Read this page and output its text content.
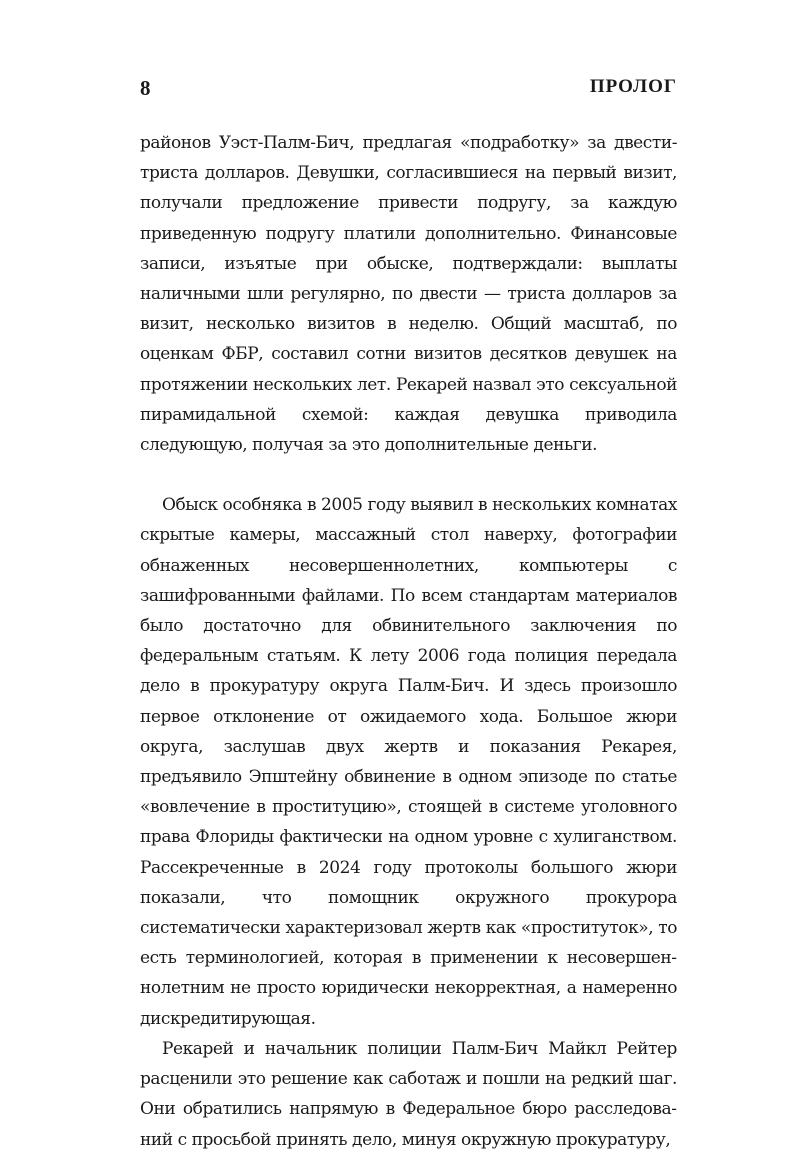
8	ПРОЛОГ

районов Уэст-Палм-Бич, предлагая «подработку» за двести-триста долларов. Девушки, согласившиеся на первый визит, получали предложение привести подругу, за каждую приведенную подругу платили дополнительно. Финансовые записи, изъятые при обыске, подтверждали: выплаты наличными шли регулярно, по двести — триста долларов за визит, несколько визитов в неделю. Общий масштаб, по оценкам ФБР, составил сотни визитов десятков девушек на протяжении нескольких лет. Рекарей назвал это сексуальной пирамидальной схемой: каждая девушка приводила следующую, получая за это дополнительные деньги.

Обыск особняка в 2005 году выявил в нескольких комнатах скрытые камеры, массажный стол наверху, фотографии обнаженных несовершеннолетних, компьютеры с зашифрованными файлами. По всем стандартам материалов было достаточно для обвинительного заключения по федеральным статьям. К лету 2006 года полиция передала дело в прокуратуру округа Палм-Бич. И здесь произошло первое отклонение от ожидаемого хода. Большое жюри округа, заслушав двух жертв и показания Рекарея, предъявило Эпштейну обвинение в одном эпизоде по статье «вовлечение в проституцию», стоящей в системе уголовного права Флориды фактически на одном уровне с хулиганством. Рассекреченные в 2024 году протоколы большого жюри показали, что помощник окружного прокурора систематически характеризовал жертв как «проституток», то есть терминологией, которая в применении к несовершеннолетним не просто юридически некорректная, а намеренно дискредитирующая.

Рекарей и начальник полиции Палм-Бич Майкл Рейтер расценили это решение как саботаж и пошли на редкий шаг. Они обратились напрямую в Федеральное бюро расследований с просьбой принять дело, минуя окружную прокуратуру,
